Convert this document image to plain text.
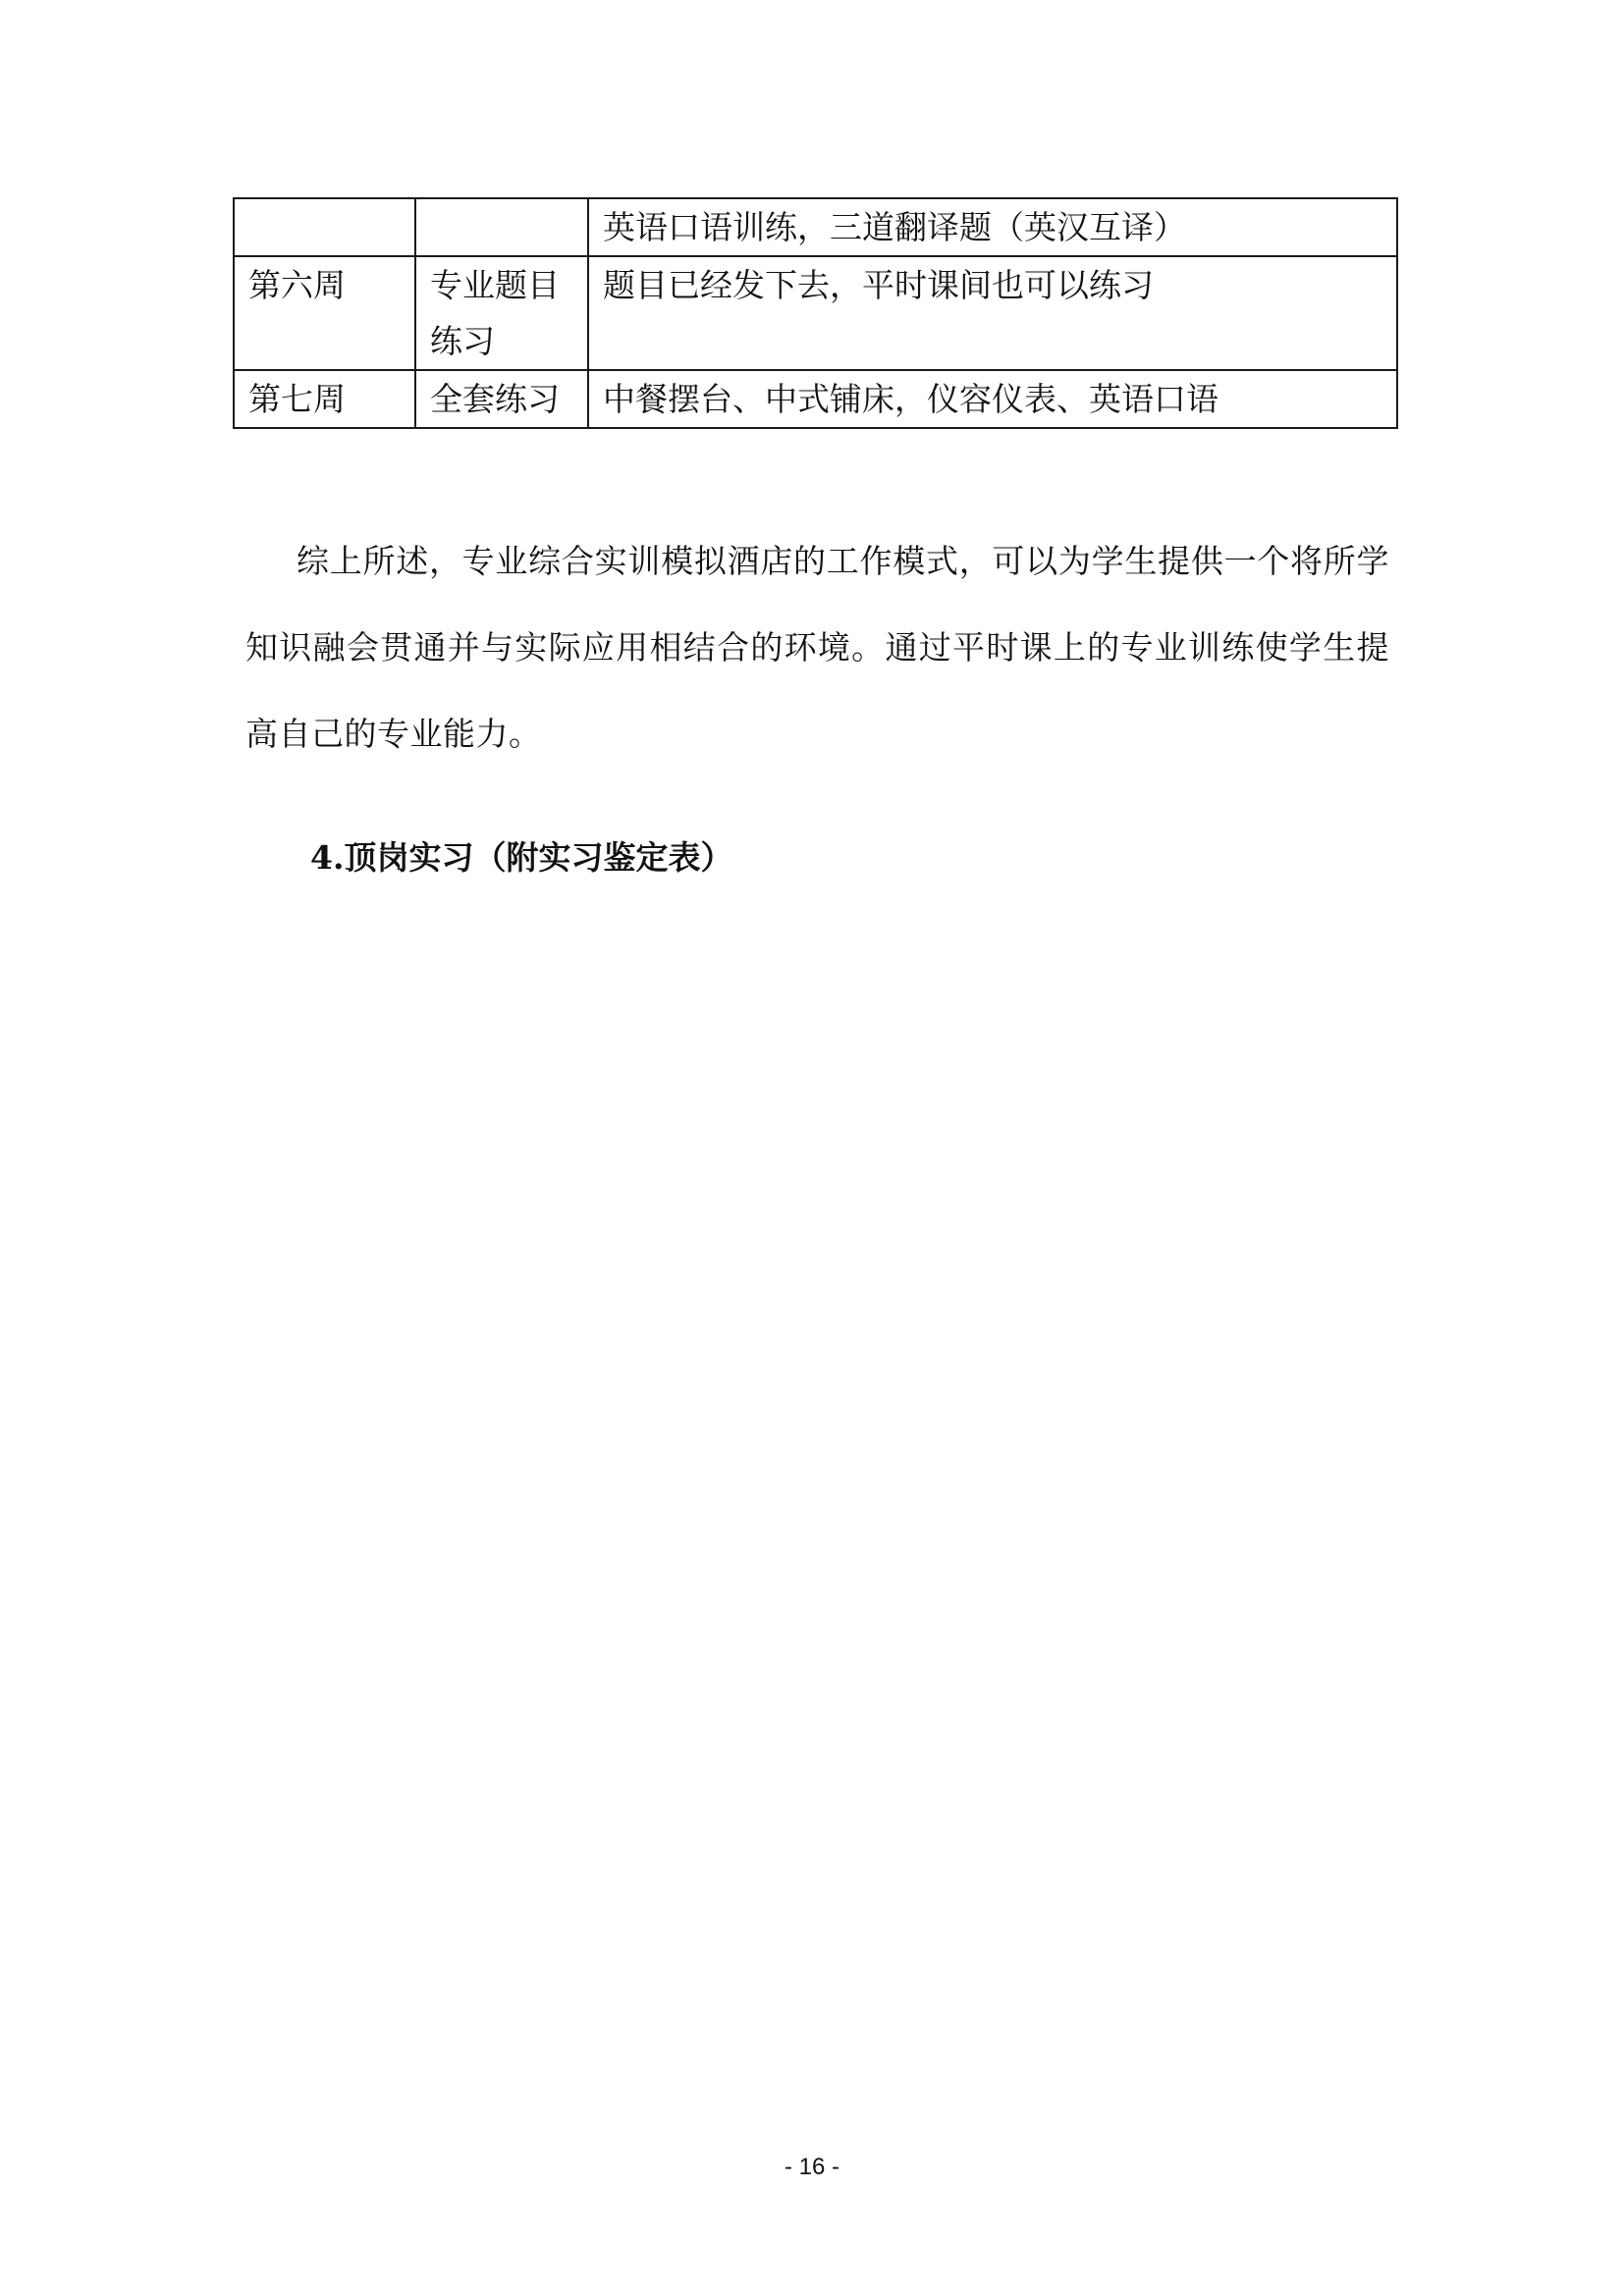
		英语口语训练，三道翻译题（英汉互译）
第六周	专业题目练习	题目已经发下去，平时课间也可以练习
第七周	全套练习	中餐摆台、中式铺床，仪容仪表、英语口语

综上所述，专业综合实训模拟酒店的工作模式，可以为学生提供一个将所学知识融会贯通并与实际应用相结合的环境。通过平时课上的专业训练使学生提高自己的专业能力。

4.顶岗实习（附实习鉴定表）
- 16 -
